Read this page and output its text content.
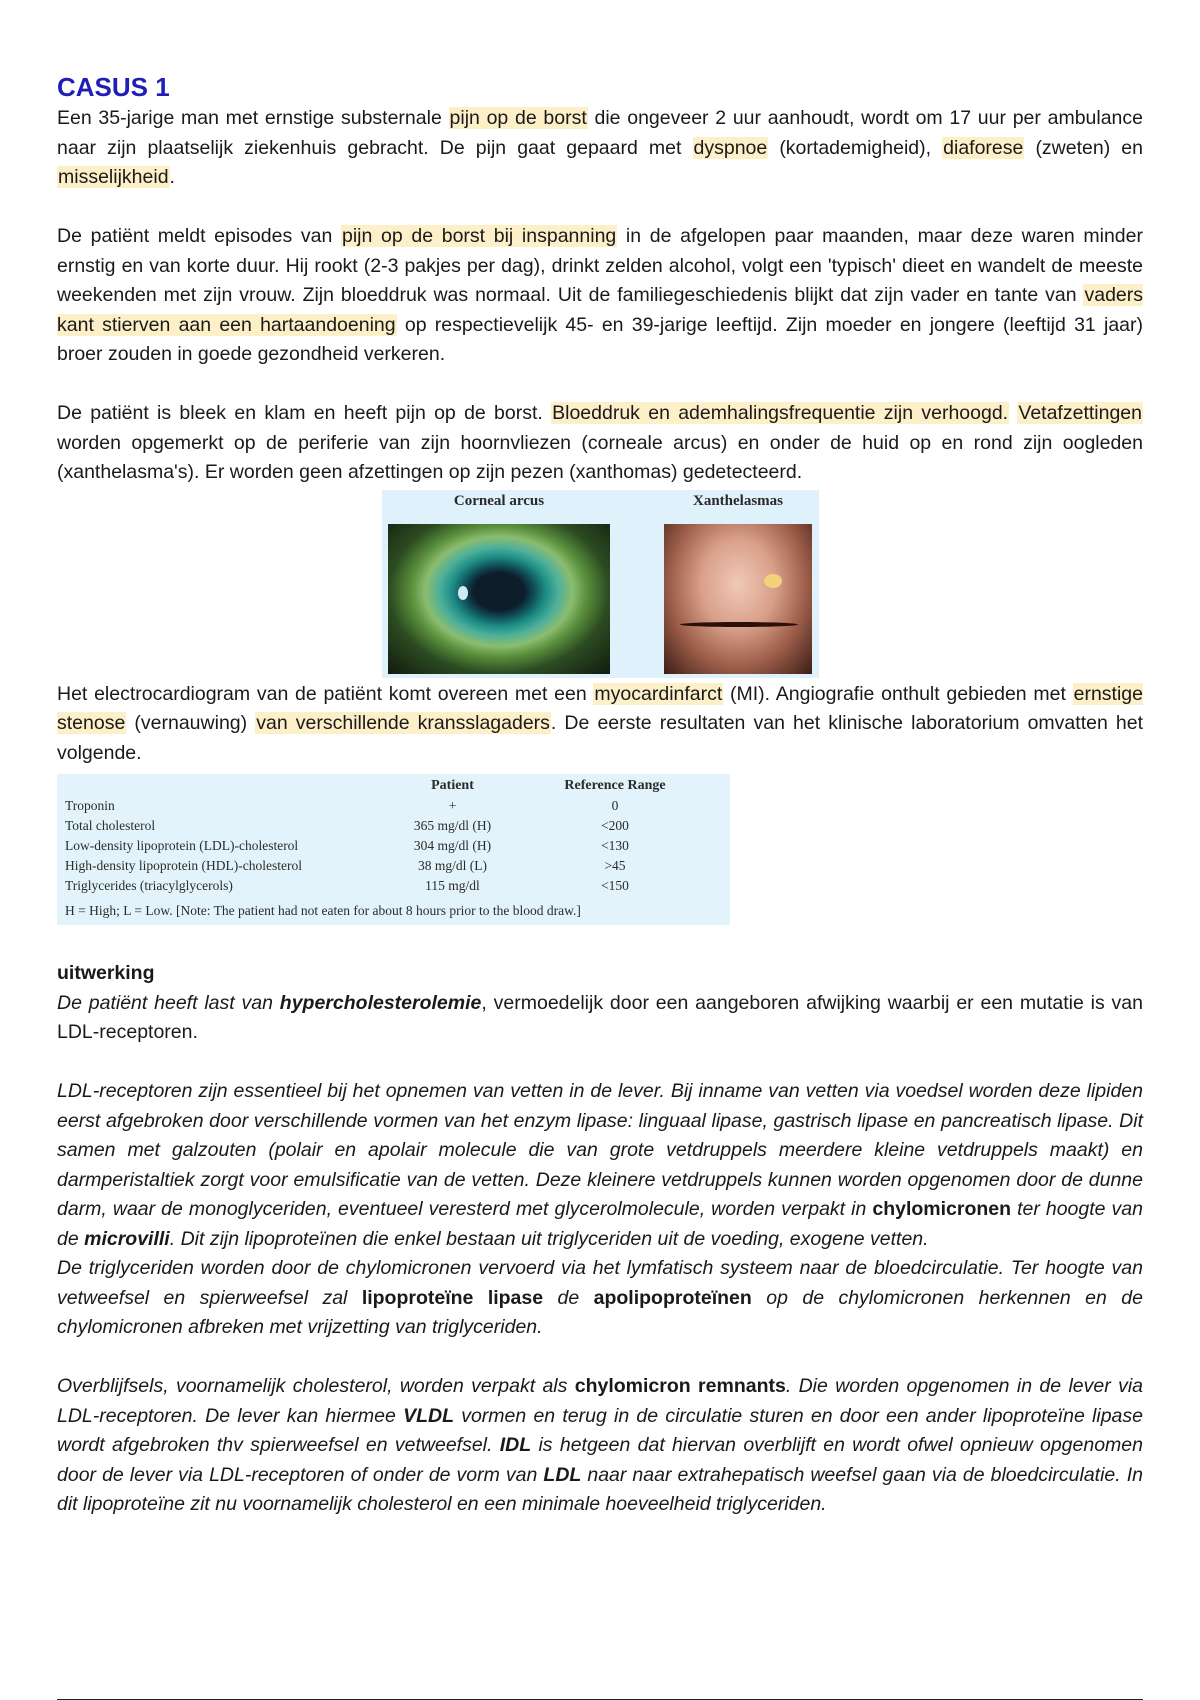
CASUS 1

Een 35-jarige man met ernstige substernale pijn op de borst die ongeveer 2 uur aanhoudt, wordt om 17 uur per ambulance naar zijn plaatselijk ziekenhuis gebracht. De pijn gaat gepaard met dyspnoe (kortademigheid), diaforese (zweten) en misselijkheid.

De patiënt meldt episodes van pijn op de borst bij inspanning in de afgelopen paar maanden, maar deze waren minder ernstig en van korte duur. Hij rookt (2-3 pakjes per dag), drinkt zelden alcohol, volgt een 'typisch' dieet en wandelt de meeste weekenden met zijn vrouw. Zijn bloeddruk was normaal. Uit de familiegeschiedenis blijkt dat zijn vader en tante van vaders kant stierven aan een hartaandoening op respectievelijk 45- en 39-jarige leeftijd. Zijn moeder en jongere (leeftijd 31 jaar) broer zouden in goede gezondheid verkeren.

De patiënt is bleek en klam en heeft pijn op de borst. Bloeddruk en ademhalingsfrequentie zijn verhoogd. Vetafzettingen worden opgemerkt op de periferie van zijn hoornvliezen (corneale arcus) en onder de huid op en rond zijn oogleden (xanthelasma's). Er worden geen afzettingen op zijn pezen (xanthomas) gedetecteerd.

Corneal arcus	Xanthelasmas

Het electrocardiogram van de patiënt komt overeen met een myocardinfarct (MI). Angiografie onthult gebieden met ernstige stenose (vernauwing) van verschillende kransslagaders. De eerste resultaten van het klinische laboratorium omvatten het volgende.

	Patient	Reference Range
Troponin	+	0
Total cholesterol	365 mg/dl (H)	<200
Low-density lipoprotein (LDL)-cholesterol	304 mg/dl (H)	<130
High-density lipoprotein (HDL)-cholesterol	38 mg/dl (L)	>45
Triglycerides (triacylglycerols)	115 mg/dl	<150
H = High; L = Low. [Note: The patient had not eaten for about 8 hours prior to the blood draw.]
uitwerking

De patiënt heeft last van hypercholesterolemie, vermoedelijk door een aangeboren afwijking waarbij er een mutatie is van LDL-receptoren.

LDL-receptoren zijn essentieel bij het opnemen van vetten in de lever. Bij inname van vetten via voedsel worden deze lipiden eerst afgebroken door verschillende vormen van het enzym lipase: linguaal lipase, gastrisch lipase en pancreatisch lipase. Dit samen met galzouten (polair en apolair molecule die van grote vetdruppels meerdere kleine vetdruppels maakt) en darmperistaltiek zorgt voor emulsificatie van de vetten. Deze kleinere vetdruppels kunnen worden opgenomen door de dunne darm, waar de monoglyceriden, eventueel veresterd met glycerolmolecule, worden verpakt in chylomicronen ter hoogte van de microvilli. Dit zijn lipoproteïnen die enkel bestaan uit triglyceriden uit de voeding, exogene vetten.

De triglyceriden worden door de chylomicronen vervoerd via het lymfatisch systeem naar de bloedcirculatie. Ter hoogte van vetweefsel en spierweefsel zal lipoproteïne lipase de apolipoproteïnen op de chylomicronen herkennen en de chylomicronen afbreken met vrijzetting van triglyceriden.

Overblijfsels, voornamelijk cholesterol, worden verpakt als chylomicron remnants. Die worden opgenomen in de lever via LDL-receptoren. De lever kan hiermee VLDL vormen en terug in de circulatie sturen en door een ander lipoproteïne lipase wordt afgebroken thv spierweefsel en vetweefsel. IDL is hetgeen dat hiervan overblijft en wordt ofwel opnieuw opgenomen door de lever via LDL-receptoren of onder de vorm van LDL naar naar extrahepatisch weefsel gaan via de bloedcirculatie. In dit lipoproteïne zit nu voornamelijk cholesterol en een minimale hoeveelheid triglyceriden.
